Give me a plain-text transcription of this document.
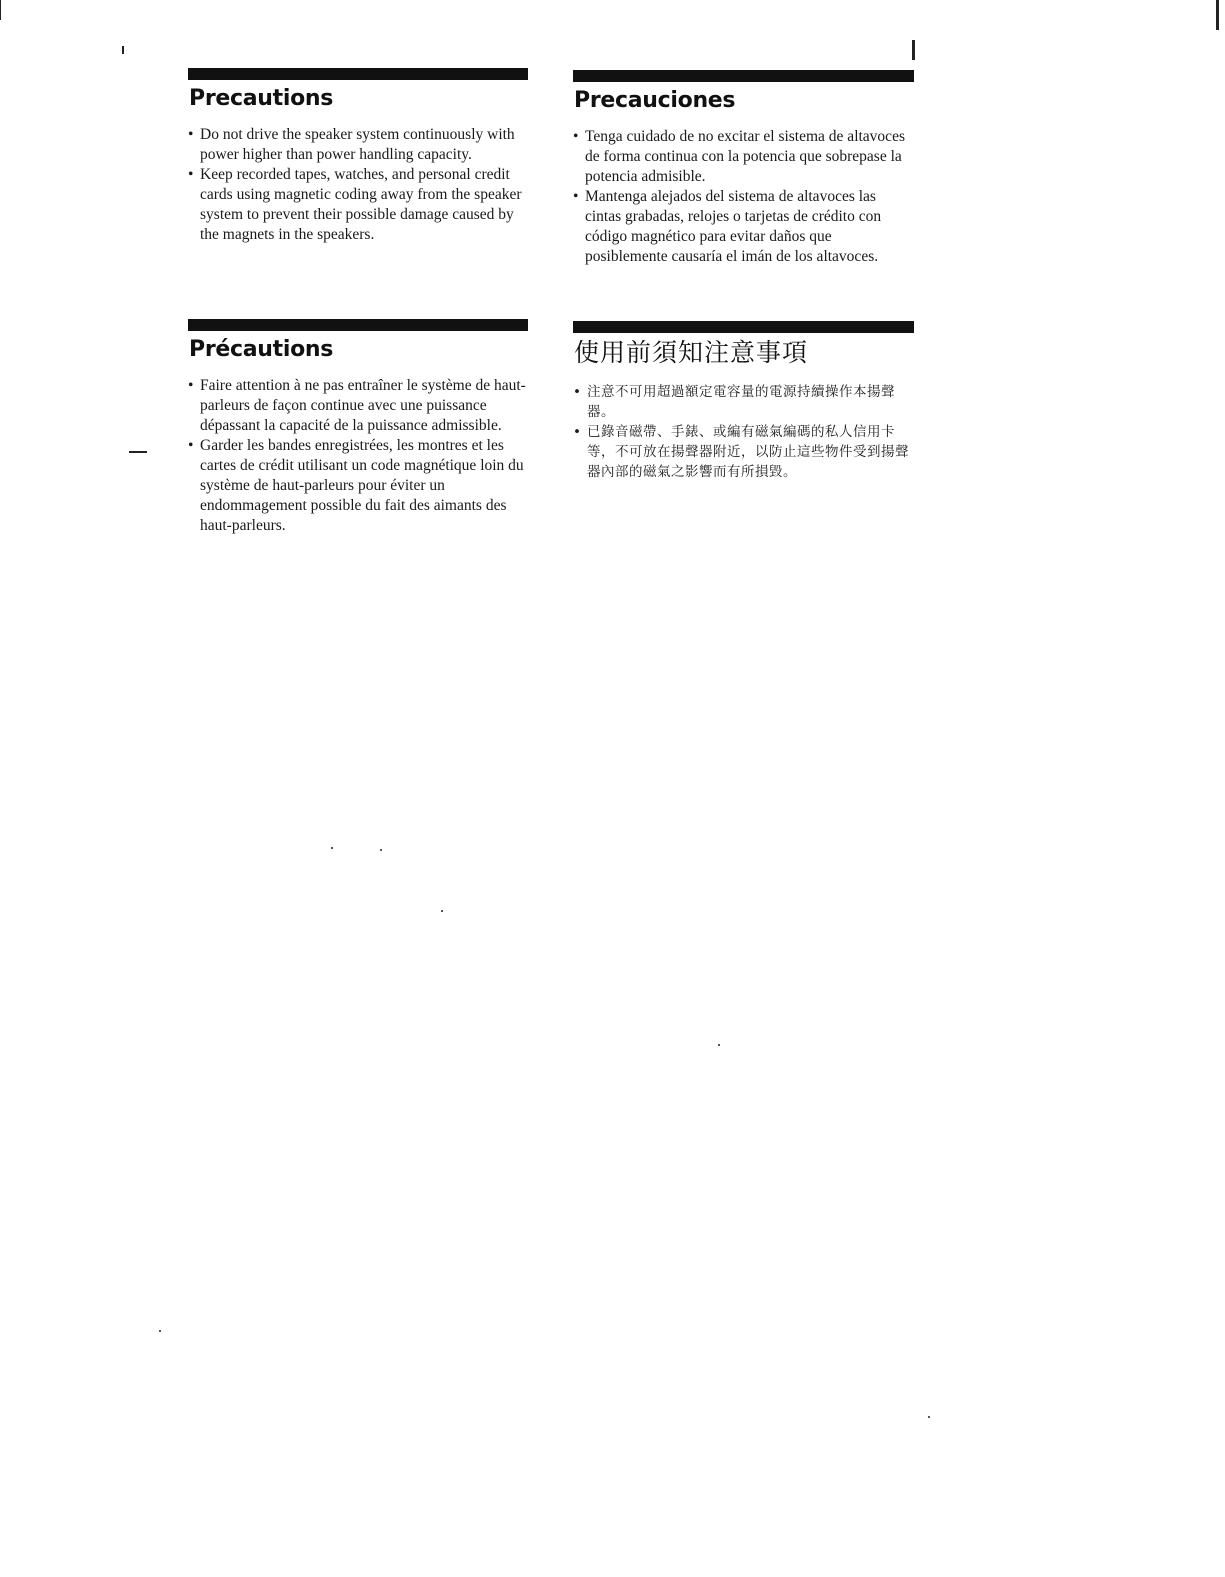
Precautions
• Do not drive the speaker system continuously with power higher than power handling capacity.
• Keep recorded tapes, watches, and personal credit cards using magnetic coding away from the speaker system to prevent their possible damage caused by the magnets in the speakers.
Precauciones
• Tenga cuidado de no excitar el sistema de altavoces de forma continua con la potencia que sobrepase la potencia admisible.
• Mantenga alejados del sistema de altavoces las cintas grabadas, relojes o tarjetas de crédito con código magnético para evitar daños que posiblemente causaría el imán de los altavoces.
Précautions
• Faire attention à ne pas entraîner le système de haut-parleurs de façon continue avec une puissance dépassant la capacité de la puissance admissible.
• Garder les bandes enregistrées, les montres et les cartes de crédit utilisant un code magnétique loin du système de haut-parleurs pour éviter un endommagement possible du fait des aimants des haut-parleurs.
使用前須知注意事項
• 注意不可用超過額定電容量的電源持續操作本揚聲器。
• 已錄音磁帶、手錶、或編有磁氣編碼的私人信用卡等，不可放在揚聲器附近，以防止這些物件受到揚聲器內部的磁氣之影響而有所損毀。
